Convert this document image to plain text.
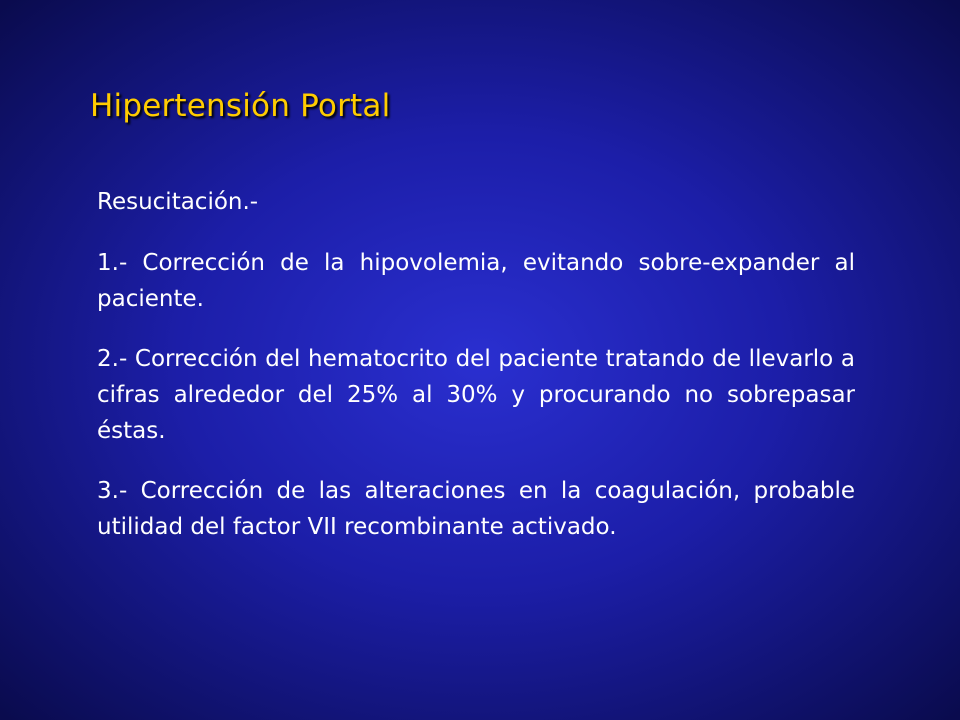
Hipertensión Portal
Resucitación.-
1.- Corrección de la hipovolemia, evitando sobre-expander al paciente.
2.- Corrección del hematocrito del paciente tratando de llevarlo a cifras alrededor del 25% al 30% y procurando no sobrepasar éstas.
3.- Corrección de las alteraciones en la coagulación, probable utilidad del factor VII recombinante activado.
